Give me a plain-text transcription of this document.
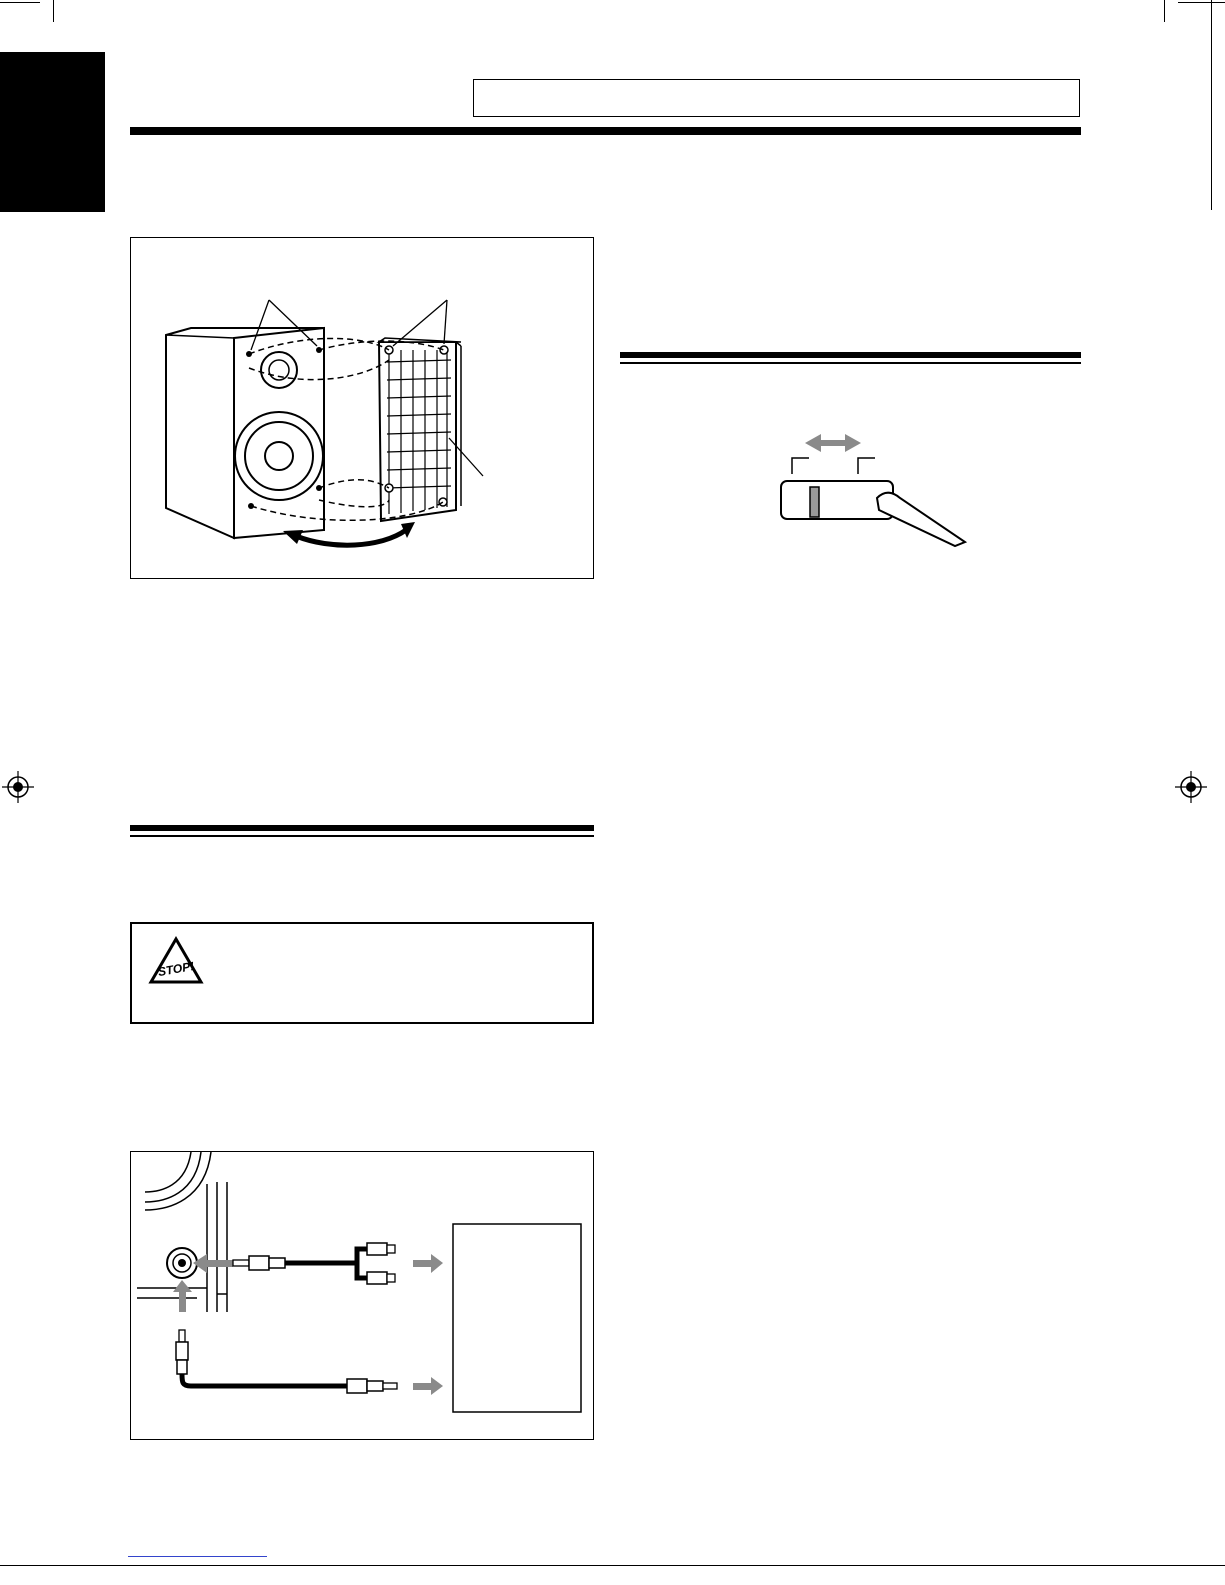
STOP!
